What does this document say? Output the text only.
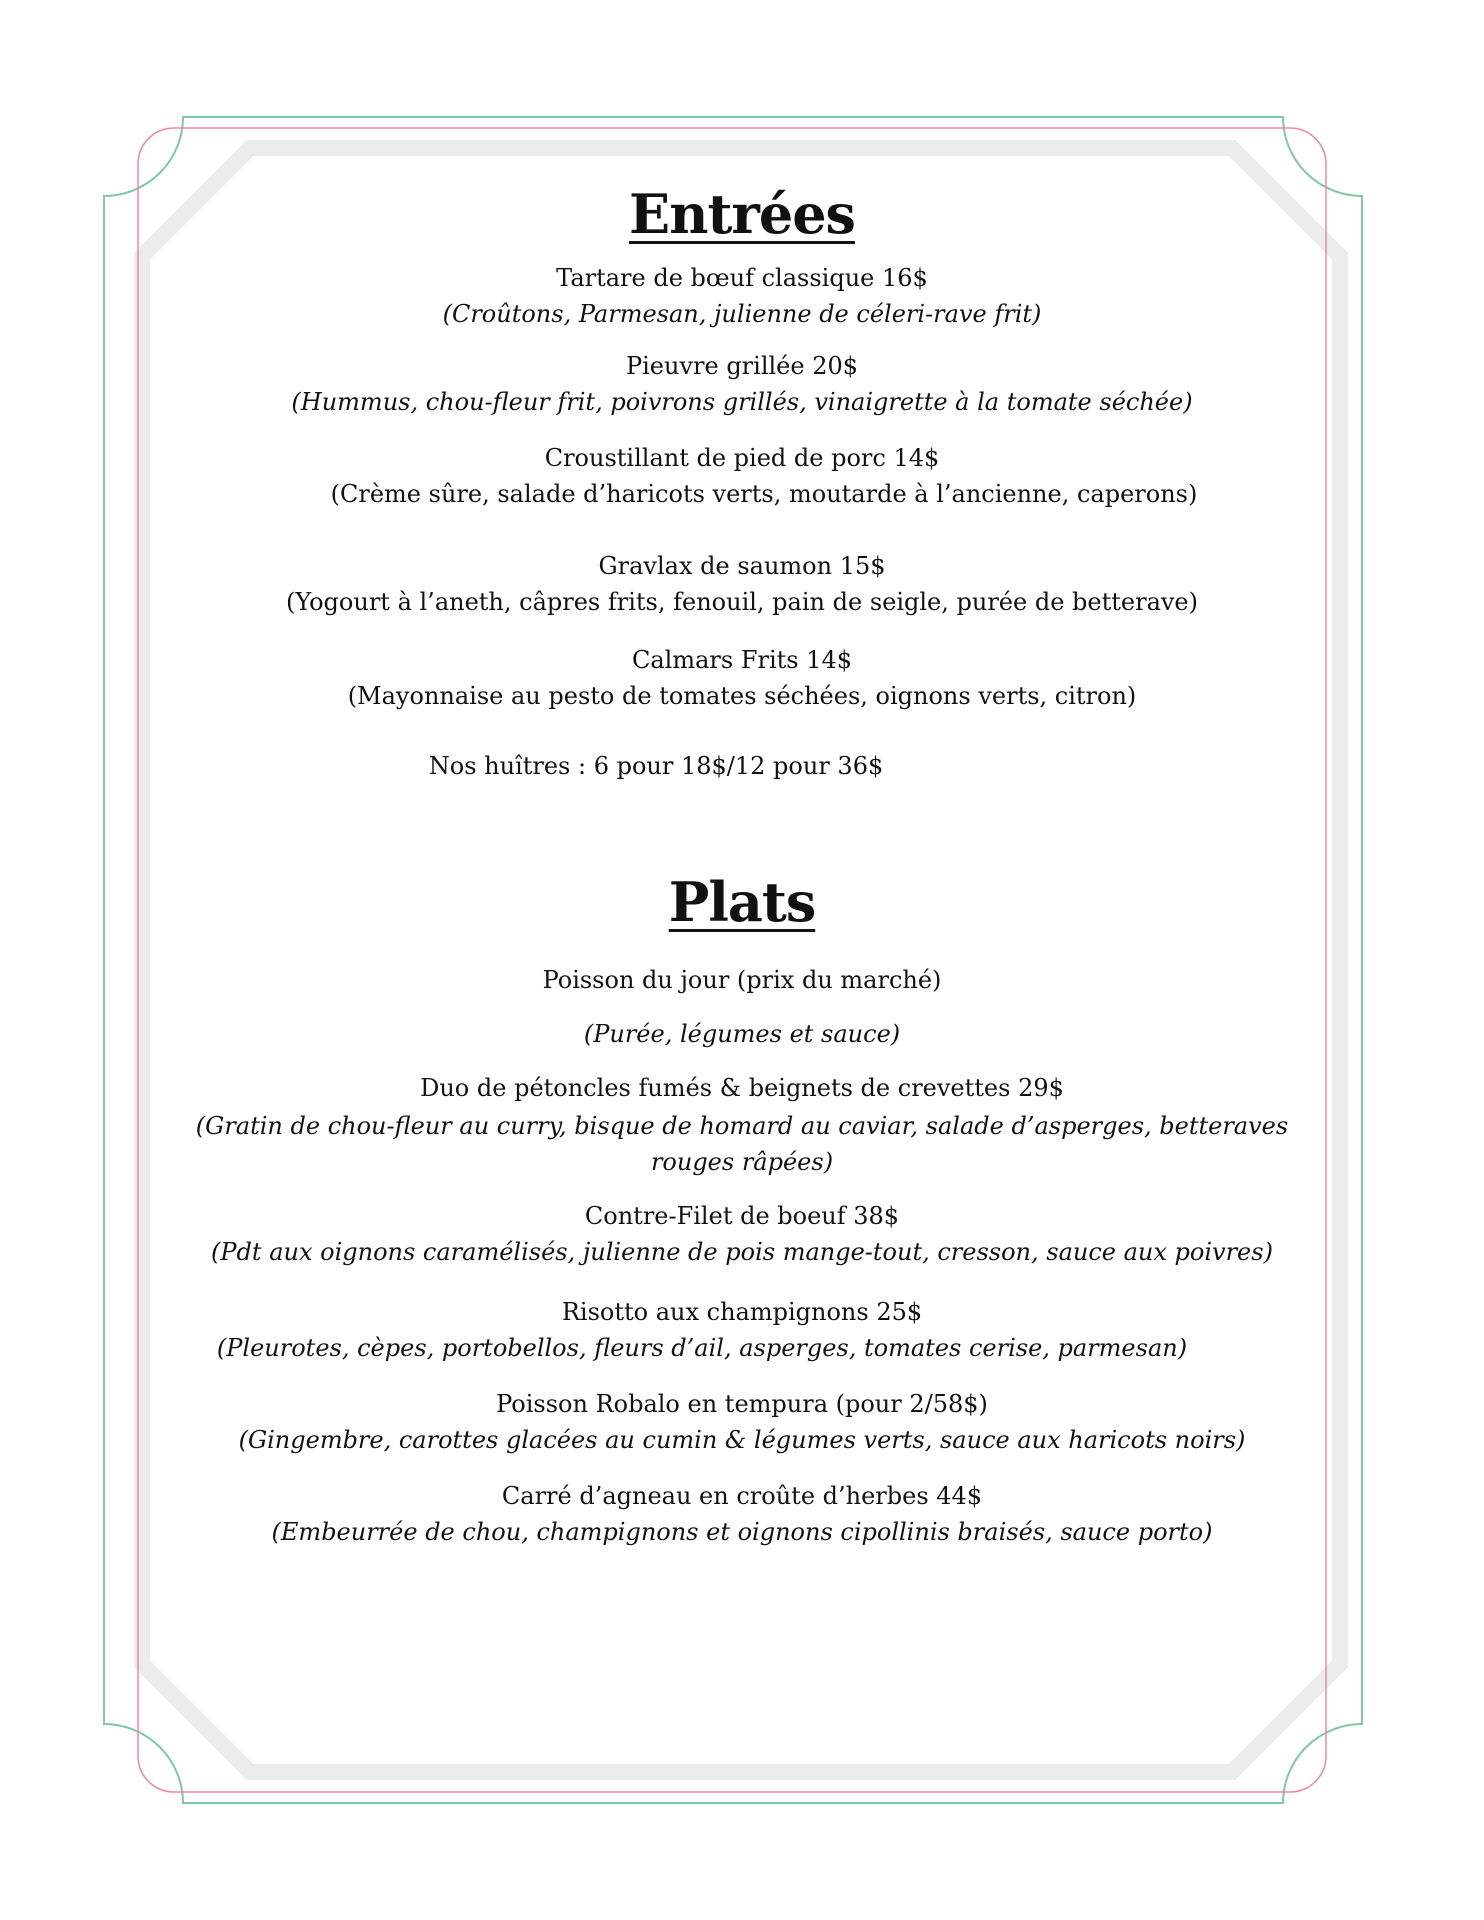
Entrées
Tartare de bœuf classique 16$
(Croûtons, Parmesan, julienne de céleri-rave frit)
Pieuvre grillée 20$
(Hummus, chou-fleur frit, poivrons grillés, vinaigrette à la tomate séchée)
Croustillant de pied de porc 14$
(Crème sûre, salade d’haricots verts, moutarde à l’ancienne, caperons)
Gravlax de saumon 15$
(Yogourt à l’aneth, câpres frits, fenouil, pain de seigle, purée de betterave)
Calmars Frits 14$
(Mayonnaise au pesto de tomates séchées, oignons verts, citron)
Nos huîtres : 6 pour 18$/12 pour 36$
Plats
Poisson du jour (prix du marché)
(Purée, légumes et sauce)
Duo de pétoncles fumés & beignets de crevettes 29$
(Gratin de chou-fleur au curry, bisque de homard au caviar, salade d’asperges, betteraves rouges râpées)
Contre-Filet de boeuf 38$
(Pdt aux oignons caramélisés, julienne de pois mange-tout, cresson, sauce aux poivres)
Risotto aux champignons 25$
(Pleurotes, cèpes, portobellos, fleurs d’ail, asperges, tomates cerise, parmesan)
Poisson Robalo en tempura (pour 2/58$)
(Gingembre, carottes glacées au cumin & légumes verts, sauce aux haricots noirs)
Carré d’agneau en croûte d’herbes 44$
(Embeurrée de chou, champignons et oignons cipollinis braisés, sauce porto)
